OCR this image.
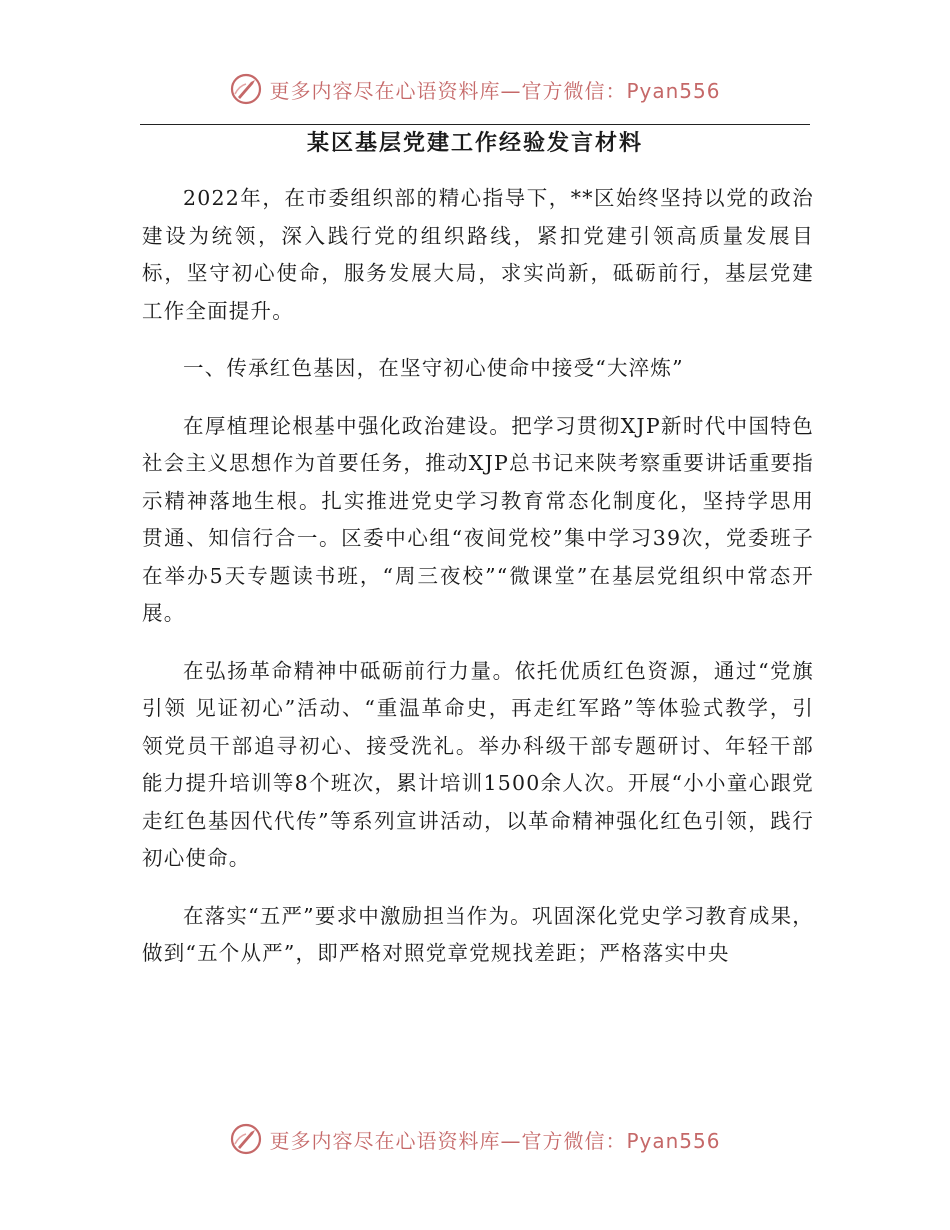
更多内容尽在心语资料库—官方微信：Pyan556
某区基层党建工作经验发言材料

2022年，在市委组织部的精心指导下，**区始终坚持以党的政治建设为统领，深入践行党的组织路线，紧扣党建引领高质量发展目标，坚守初心使命，服务发展大局，求实尚新，砥砺前行，基层党建工作全面提升。

一、传承红色基因，在坚守初心使命中接受“大淬炼”

在厚植理论根基中强化政治建设。把学习贯彻XJP新时代中国特色社会主义思想作为首要任务，推动XJP总书记来陕考察重要讲话重要指示精神落地生根。扎实推进党史学习教育常态化制度化，坚持学思用贯通、知信行合一。区委中心组“夜间党校”集中学习39次，党委班子在举办5天专题读书班，“周三夜校”“微课堂”在基层党组织中常态开展。

在弘扬革命精神中砥砺前行力量。依托优质红色资源，通过“党旗引领 见证初心”活动、“重温革命史，再走红军路”等体验式教学，引领党员干部追寻初心、接受洗礼。举办科级干部专题研讨、年轻干部能力提升培训等8个班次，累计培训1500余人次。开展“小小童心跟党走红色基因代代传”等系列宣讲活动，以革命精神强化红色引领，践行初心使命。

在落实“五严”要求中激励担当作为。巩固深化党史学习教育成果，做到“五个从严”，即严格对照党章党规找差距；严格落实中央

更多内容尽在心语资料库—官方微信：Pyan556
